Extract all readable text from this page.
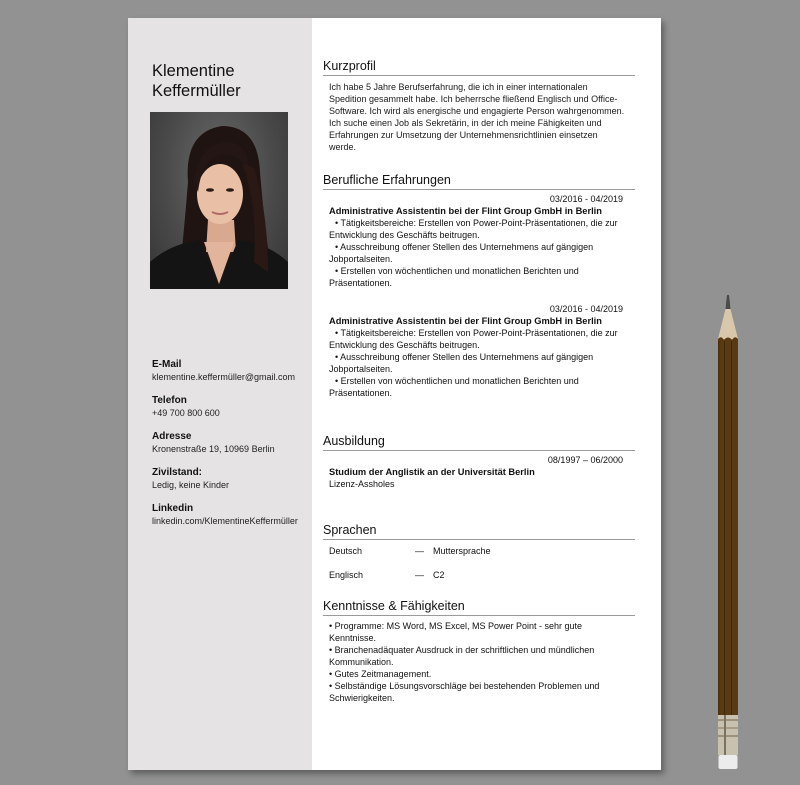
Klementine
Keffermüller
E-Mail
klementine.keffermüller@gmail.com
Telefon
+49 700 800 600
Adresse
Kronenstraße 19, 10969 Berlin
Zivilstand:
Ledig, keine Kinder
Linkedin
linkedin.com/KlementineKeffermüller
Kurzprofil
Ich habe 5 Jahre Berufserfahrung, die ich in einer internationalen Spedition gesammelt habe. Ich beherrsche fließend Englisch und Office-Software. Ich wird als energische und engagierte Person wahrgenommen. Ich suche einen Job als Sekretärin, in der ich meine Fähigkeiten und Erfahrungen zur Umsetzung der Unternehmensrichtlinien einsetzen werde.
Berufliche Erfahrungen
03/2016 - 04/2019
Administrative Assistentin bei der Flint Group GmbH in Berlin
• Tätigkeitsbereiche: Erstellen von Power-Point-Präsentationen, die zur Entwicklung des Geschäfts beitrugen.
• Ausschreibung offener Stellen des Unternehmens auf gängigen Jobportalseiten.
• Erstellen von wöchentlichen und monatlichen Berichten und Präsentationen.
03/2016 - 04/2019
Administrative Assistentin bei der Flint Group GmbH in Berlin
• Tätigkeitsbereiche: Erstellen von Power-Point-Präsentationen, die zur Entwicklung des Geschäfts beitrugen.
• Ausschreibung offener Stellen des Unternehmens auf gängigen Jobportalseiten.
• Erstellen von wöchentlichen und monatlichen Berichten und Präsentationen.
Ausbildung
08/1997 – 06/2000
Studium der Anglistik an der Universität Berlin
Lizenz-Assholes
Sprachen
Deutsch	—	Muttersprache
Englisch	—	C2
Kenntnisse & Fähigkeiten
• Programme: MS Word, MS Excel, MS Power Point - sehr gute Kenntnisse.
• Branchenadäquater Ausdruck in der schriftlichen und mündlichen Kommunikation.
• Gutes Zeitmanagement.
• Selbständige Lösungsvorschläge bei bestehenden Problemen und Schwierigkeiten.
